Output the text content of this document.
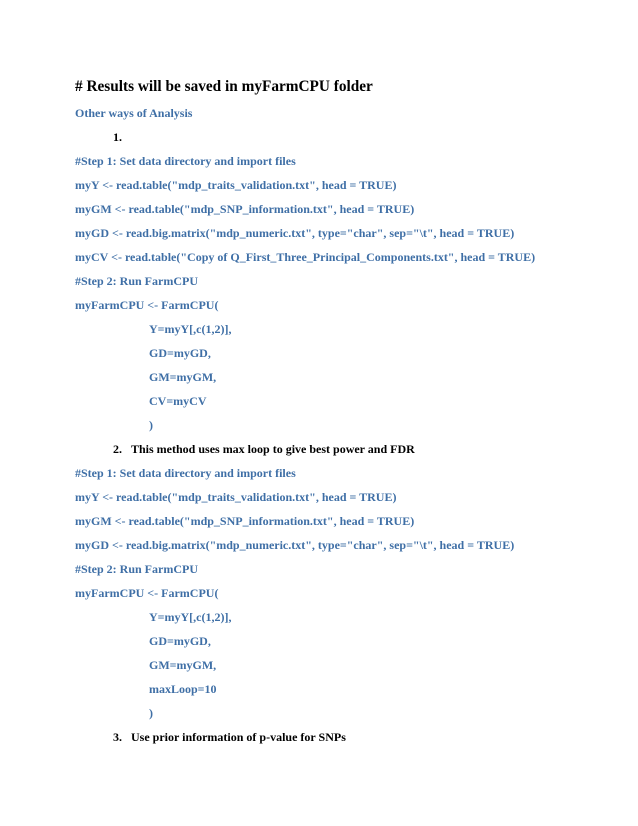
# Results will be saved in myFarmCPU folder
Other ways of Analysis
1.
#Step 1: Set data directory and import files
myY <- read.table("mdp_traits_validation.txt", head = TRUE)
myGM <- read.table("mdp_SNP_information.txt", head = TRUE)
myGD <- read.big.matrix("mdp_numeric.txt", type="char", sep="\t", head = TRUE)
myCV <- read.table("Copy of Q_First_Three_Principal_Components.txt", head = TRUE)
#Step 2: Run FarmCPU
myFarmCPU <- FarmCPU(
Y=myY[,c(1,2)],
GD=myGD,
GM=myGM,
CV=myCV
)
2. This method uses max loop to give best power and FDR
#Step 1: Set data directory and import files
myY <- read.table("mdp_traits_validation.txt", head = TRUE)
myGM <- read.table("mdp_SNP_information.txt", head = TRUE)
myGD <- read.big.matrix("mdp_numeric.txt", type="char", sep="\t", head = TRUE)
#Step 2: Run FarmCPU
myFarmCPU <- FarmCPU(
Y=myY[,c(1,2)],
GD=myGD,
GM=myGM,
maxLoop=10
)
3. Use prior information of p-value for SNPs
